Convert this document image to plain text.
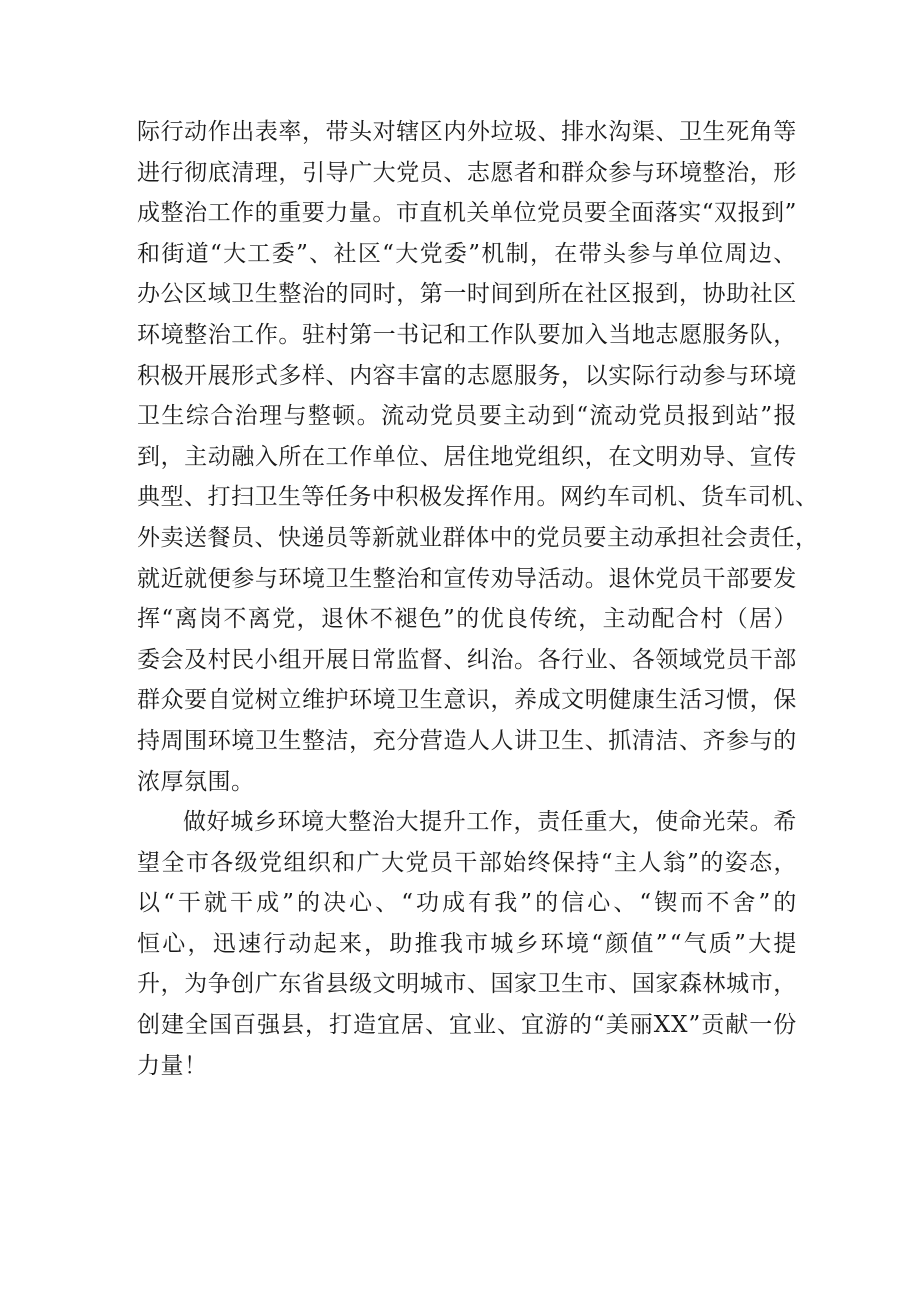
际 行 动 作 出 表 率 ， 带 头 对 辖 区 内 外 垃 圾 、 排 水 沟 渠 、 卫 生 死 角 等
进 行 彻 底 清 理 ， 引 导 广 大 党 员 、 志 愿 者 和 群 众 参 与 环 境 整 治 ， 形
成 整 治 工 作 的 重 要 力 量 。 市 直 机 关 单 位 党 员 要 全 面 落 实 “ 双 报 到 ”
和 街 道 “ 大 工 委 ” 、 社 区 “ 大 党 委 ” 机 制 ， 在 带 头 参 与 单 位 周 边 、
办 公 区 域 卫 生 整 治 的 同 时 ， 第 一 时 间 到 所 在 社 区 报 到 ， 协 助 社 区
环 境 整 治 工 作 。 驻 村 第 一 书 记 和 工 作 队 要 加 入 当 地 志 愿 服 务 队 ，
积 极 开 展 形 式 多 样 、 内 容 丰 富 的 志 愿 服 务 ， 以 实 际 行 动 参 与 环 境
卫 生 综 合 治 理 与 整 顿 。 流 动 党 员 要 主 动 到 “ 流 动 党 员 报 到 站 ” 报
到 ， 主 动 融 入 所 在 工 作 单 位 、 居 住 地 党 组 织 ， 在 文 明 劝 导 、 宣 传
典 型 、 打 扫 卫 生 等 任 务 中 积 极 发 挥 作 用 。 网 约 车 司 机 、 货 车 司 机 、
外 卖 送 餐 员 、 快 递 员 等 新 就 业 群 体 中 的 党 员 要 主 动 承 担 社 会 责 任 ，
就 近 就 便 参 与 环 境 卫 生 整 治 和 宣 传 劝 导 活 动 。 退 休 党 员 干 部 要 发
挥 “ 离 岗 不 离 党 ， 退 休 不 褪 色 ” 的 优 良 传 统 ， 主 动 配 合 村 （ 居 ）
委 会 及 村 民 小 组 开 展 日 常 监 督 、 纠 治 。 各 行 业 、 各 领 域 党 员 干 部
群 众 要 自 觉 树 立 维 护 环 境 卫 生 意 识 ， 养 成 文 明 健 康 生 活 习 惯 ， 保
持 周 围 环 境 卫 生 整 洁 ， 充 分 营 造 人 人 讲 卫 生 、 抓 清 洁 、 齐 参 与 的
浓厚氛围。
做 好 城 乡 环 境 大 整 治 大 提 升 工 作 ， 责 任 重 大 ， 使 命 光 荣 。 希
望 全 市 各 级 党 组 织 和 广 大 党 员 干 部 始 终 保 持 “ 主 人 翁 ” 的 姿 态 ，
以 “ 干 就 干 成 ” 的 决 心 、 “ 功 成 有 我 ” 的 信 心 、 “ 锲 而 不 舍 ” 的
恒 心 ， 迅 速 行 动 起 来 ， 助 推 我 市 城 乡 环 境 “ 颜 值 ” “ 气 质 ” 大 提
升 ， 为 争 创 广 东 省 县 级 文 明 城 市 、 国 家 卫 生 市 、 国 家 森 林 城 市 ，
创 建 全 国 百 强 县 ， 打 造 宜 居 、 宜 业 、 宜 游 的 “ 美 丽 X X ” 贡 献 一 份
力量！
